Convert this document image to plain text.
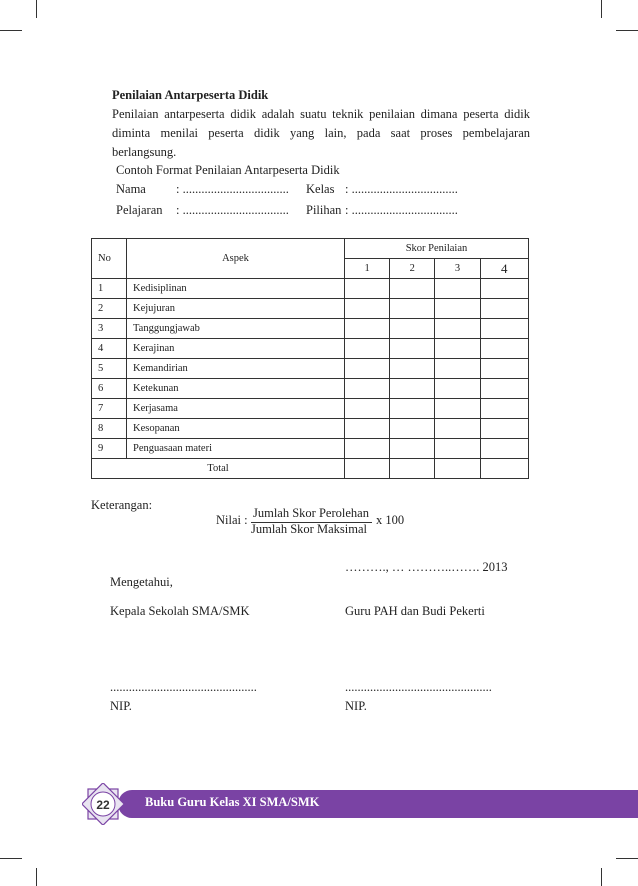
Penilaian Antarpeserta Didik
Penilaian antarpeserta didik adalah suatu teknik penilaian dimana peserta didik diminta menilai peserta didik yang lain, pada saat proses pembelajaran berlangsung.
Contoh Format Penilaian Antarpeserta Didik
Nama : .................................. Kelas : ..................................
Pelajaran : .................................. Pilihan : ..................................
No	Aspek	Skor Penilaian			
		1	2	3	4
1	Kedisiplinan				
2	Kejujuran				
3	Tanggungjawab				
4	Kerajinan				
5	Kemandirian				
6	Ketekunan				
7	Kerjasama				
8	Kesopanan				
9	Penguasaan materi				
Total					
Keterangan:
Nilai : Jumlah Skor Perolehan
Jumlah Skor Maksimal
x 100
………., … ………..……. 2013
Mengetahui,
Kepala Sekolah SMA/SMK	Guru PAH dan Budi Pekerti
...............................................	...............................................
NIP.	NIP.
22	Buku Guru Kelas XI SMA/SMK
